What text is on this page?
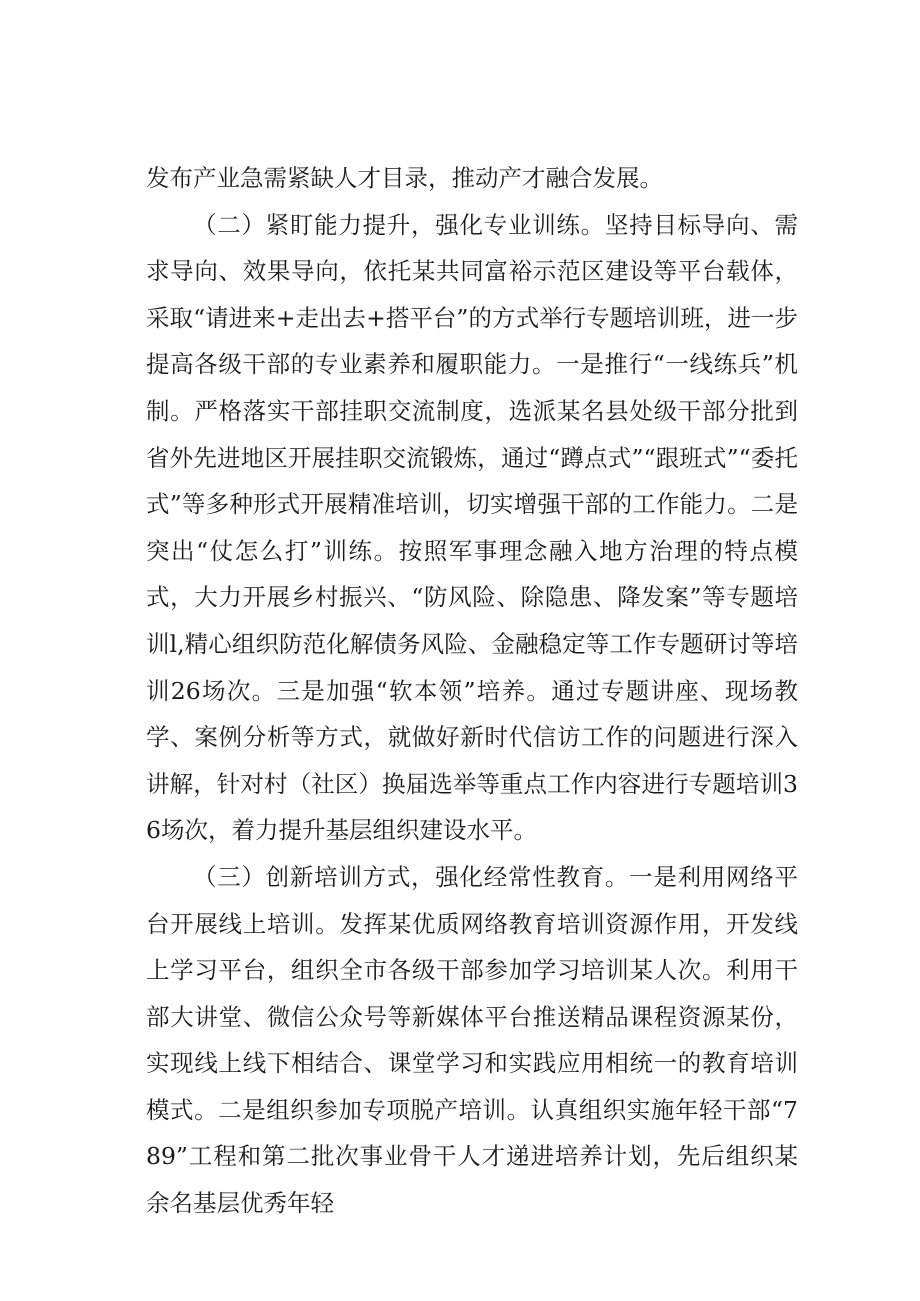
发布产业急需紧缺人才目录，推动产才融合发展。

（二）紧盯能力提升，强化专业训练。坚持目标导向、需求导向、效果导向，依托某共同富裕示范区建设等平台载体，采取“请进来+走出去+搭平台”的方式举行专题培训班，进一步提高各级干部的专业素养和履职能力。一是推行“一线练兵”机制。严格落实干部挂职交流制度，选派某名县处级干部分批到省外先进地区开展挂职交流锻炼，通过“蹲点式”“跟班式”“委托式”等多种形式开展精准培训，切实增强干部的工作能力。二是突出“仗怎么打”训练。按照军事理念融入地方治理的特点模式，大力开展乡村振兴、“防风险、除隐患、降发案”等专题培训l,精心组织防范化解债务风险、金融稳定等工作专题研讨等培训26场次。三是加强“软本领”培养。通过专题讲座、现场教学、案例分析等方式，就做好新时代信访工作的问题进行深入讲解，针对村（社区）换届选举等重点工作内容进行专题培训36场次，着力提升基层组织建设水平。

（三）创新培训方式，强化经常性教育。一是利用网络平台开展线上培训。发挥某优质网络教育培训资源作用，开发线上学习平台，组织全市各级干部参加学习培训某人次。利用干部大讲堂、微信公众号等新媒体平台推送精品课程资源某份，实现线上线下相结合、课堂学习和实践应用相统一的教育培训模式。二是组织参加专项脱产培训。认真组织实施年轻干部“789”工程和第二批次事业骨干人才递进培养计划，先后组织某余名基层优秀年轻
